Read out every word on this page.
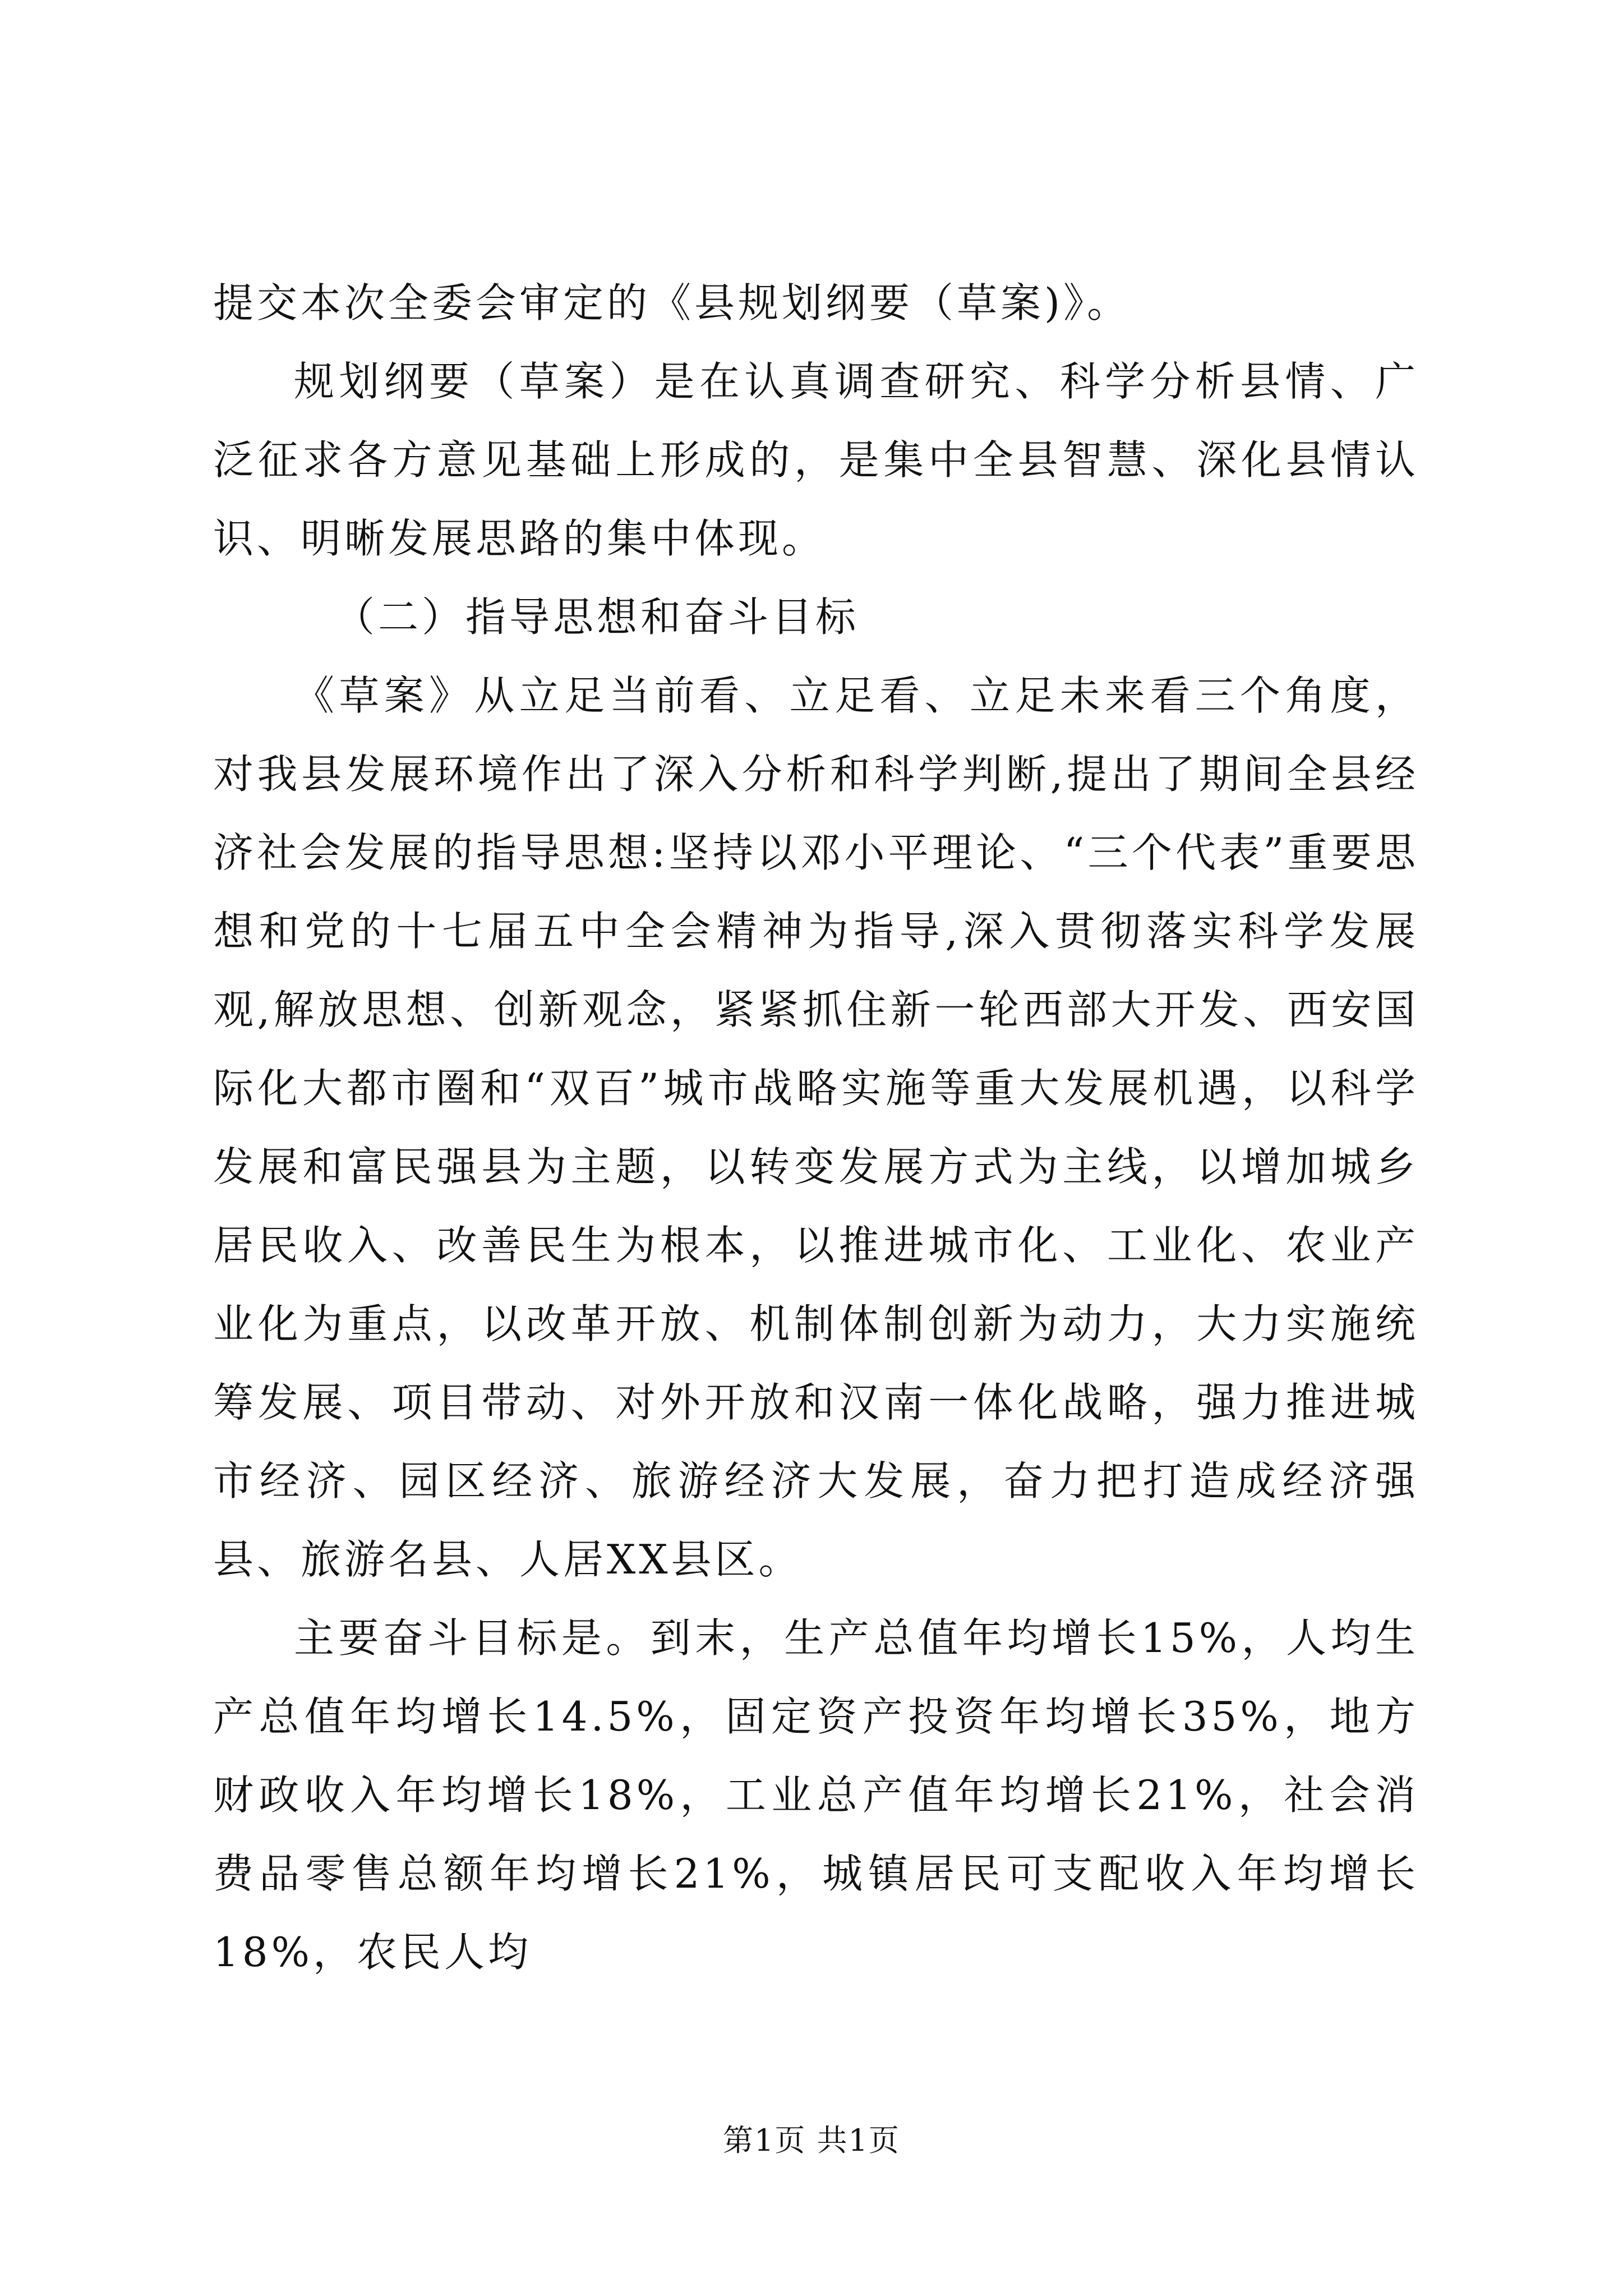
提交本次全委会审定的《县规划纲要（草案)》。

规划纲要（草案）是在认真调查研究、科学分析县情、广泛征求各方意见基础上形成的，是集中全县智慧、深化县情认识、明晰发展思路的集中体现。

（二）指导思想和奋斗目标

《草案》从立足当前看、立足看、立足未来看三个角度，对我县发展环境作出了深入分析和科学判断,提出了期间全县经济社会发展的指导思想:坚持以邓小平理论、“三个代表”重要思想和党的十七届五中全会精神为指导,深入贯彻落实科学发展观,解放思想、创新观念，紧紧抓住新一轮西部大开发、西安国际化大都市圈和“双百”城市战略实施等重大发展机遇，以科学发展和富民强县为主题，以转变发展方式为主线，以增加城乡居民收入、改善民生为根本，以推进城市化、工业化、农业产业化为重点，以改革开放、机制体制创新为动力，大力实施统筹发展、项目带动、对外开放和汉南一体化战略，强力推进城市经济、园区经济、旅游经济大发展，奋力把打造成经济强县、旅游名县、人居XX县区。

主要奋斗目标是。到末，生产总值年均增长15%，人均生产总值年均增长14.5%，固定资产投资年均增长35%，地方财政收入年均增长18%，工业总产值年均增长21%，社会消费品零售总额年均增长21%，城镇居民可支配收入年均增长18%，农民人均

第1页 共1页
